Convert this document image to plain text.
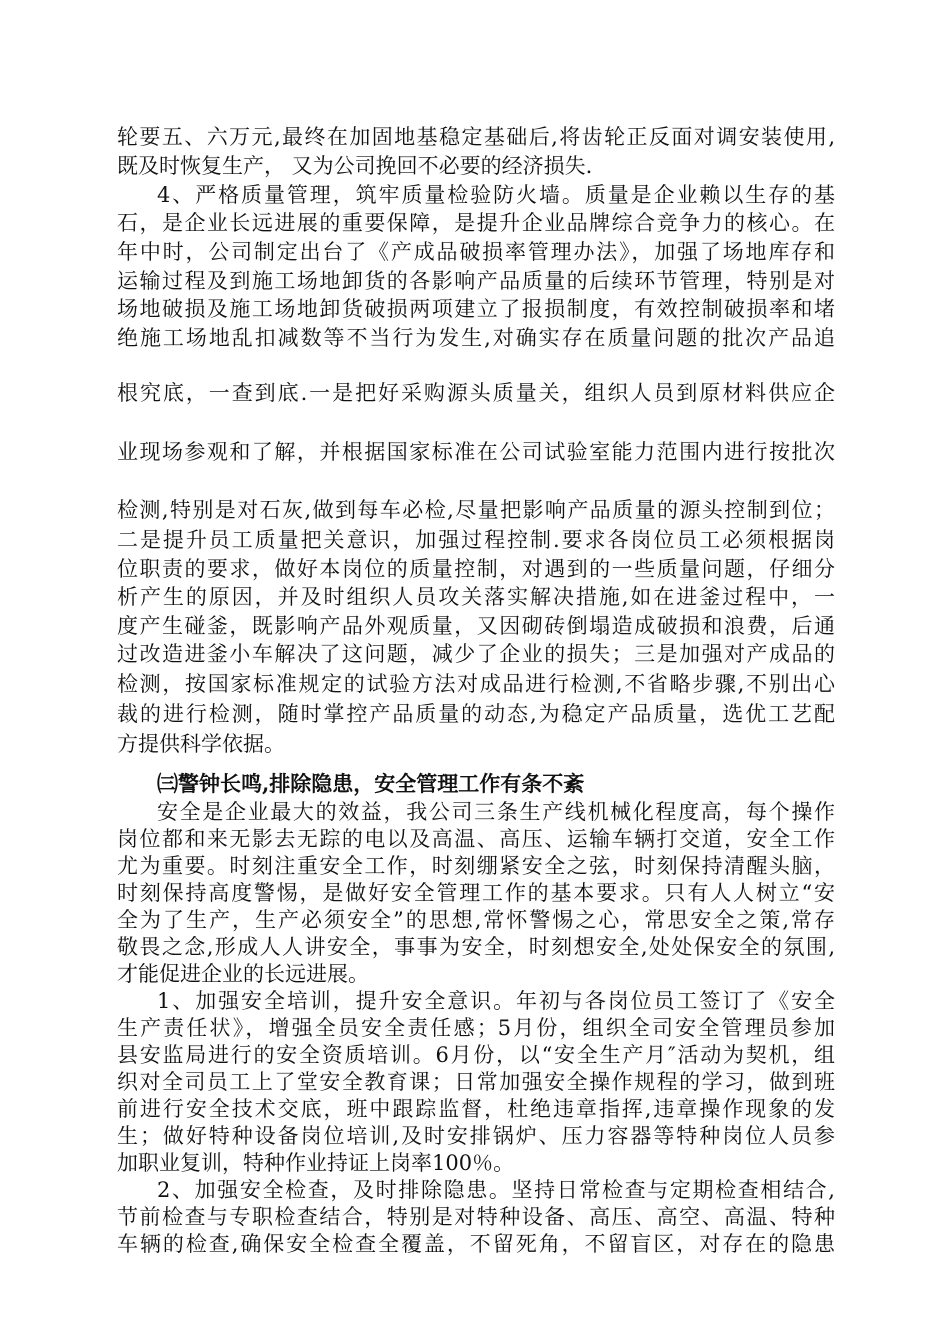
轮要五、六万元,最终在加固地基稳定基础后,将齿轮正反面对调安装使用,
既及时恢复生产， 又为公司挽回不必要的经济损失.
4、严格质量管理，筑牢质量检验防火墙。质量是企业赖以生存的基
石，是企业长远进展的重要保障，是提升企业品牌综合竞争力的核心。在
年中时，公司制定出台了《产成品破损率管理办法》，加强了场地库存和
运输过程及到施工场地卸货的各影响产品质量的后续环节管理，特别是对
场地破损及施工场地卸货破损两项建立了报损制度，有效控制破损率和堵
绝施工场地乱扣减数等不当行为发生,对确实存在质量问题的批次产品追
根究底，一查到底.一是把好采购源头质量关，组织人员到原材料供应企
业现场参观和了解，并根据国家标准在公司试验室能力范围内进行按批次
检测,特别是对石灰,做到每车必检,尽量把影响产品质量的源头控制到位；
二是提升员工质量把关意识，加强过程控制.要求各岗位员工必须根据岗
位职责的要求，做好本岗位的质量控制，对遇到的一些质量问题，仔细分
析产生的原因，并及时组织人员攻关落实解决措施,如在进釜过程中，一
度产生碰釜，既影响产品外观质量，又因砌砖倒塌造成破损和浪费，后通
过改造进釜小车解决了这问题，减少了企业的损失；三是加强对产成品的
检测，按国家标准规定的试验方法对成品进行检测,不省略步骤,不别出心
裁的进行检测，随时掌控产品质量的动态,为稳定产品质量，选优工艺配
方提供科学依据。
㈢警钟长鸣,排除隐患，安全管理工作有条不紊
安全是企业最大的效益，我公司三条生产线机械化程度高，每个操作
岗位都和来无影去无踪的电以及高温、高压、运输车辆打交道，安全工作
尤为重要。时刻注重安全工作，时刻绷紧安全之弦，时刻保持清醒头脑，
时刻保持高度警惕，是做好安全管理工作的基本要求。只有人人树立“安
全为了生产，生产必须安全”的思想,常怀警惕之心，常思安全之策,常存
敬畏之念,形成人人讲安全，事事为安全，时刻想安全,处处保安全的氛围,
才能促进企业的长远进展。
1、加强安全培训，提升安全意识。年初与各岗位员工签订了《安全
生产责任状》，增强全员安全责任感；5月份，组织全司安全管理员参加
县安监局进行的安全资质培训。6月份，以“安全生产月″活动为契机，组
织对全司员工上了堂安全教育课；日常加强安全操作规程的学习，做到班
前进行安全技术交底，班中跟踪监督，杜绝违章指挥,违章操作现象的发
生；做好特种设备岗位培训,及时安排锅炉、压力容器等特种岗位人员参
加职业复训，特种作业持证上岗率100％。
2、加强安全检查，及时排除隐患。坚持日常检查与定期检查相结合,
节前检查与专职检查结合，特别是对特种设备、高压、高空、高温、特种
车辆的检查,确保安全检查全覆盖，不留死角，不留盲区，对存在的隐患
